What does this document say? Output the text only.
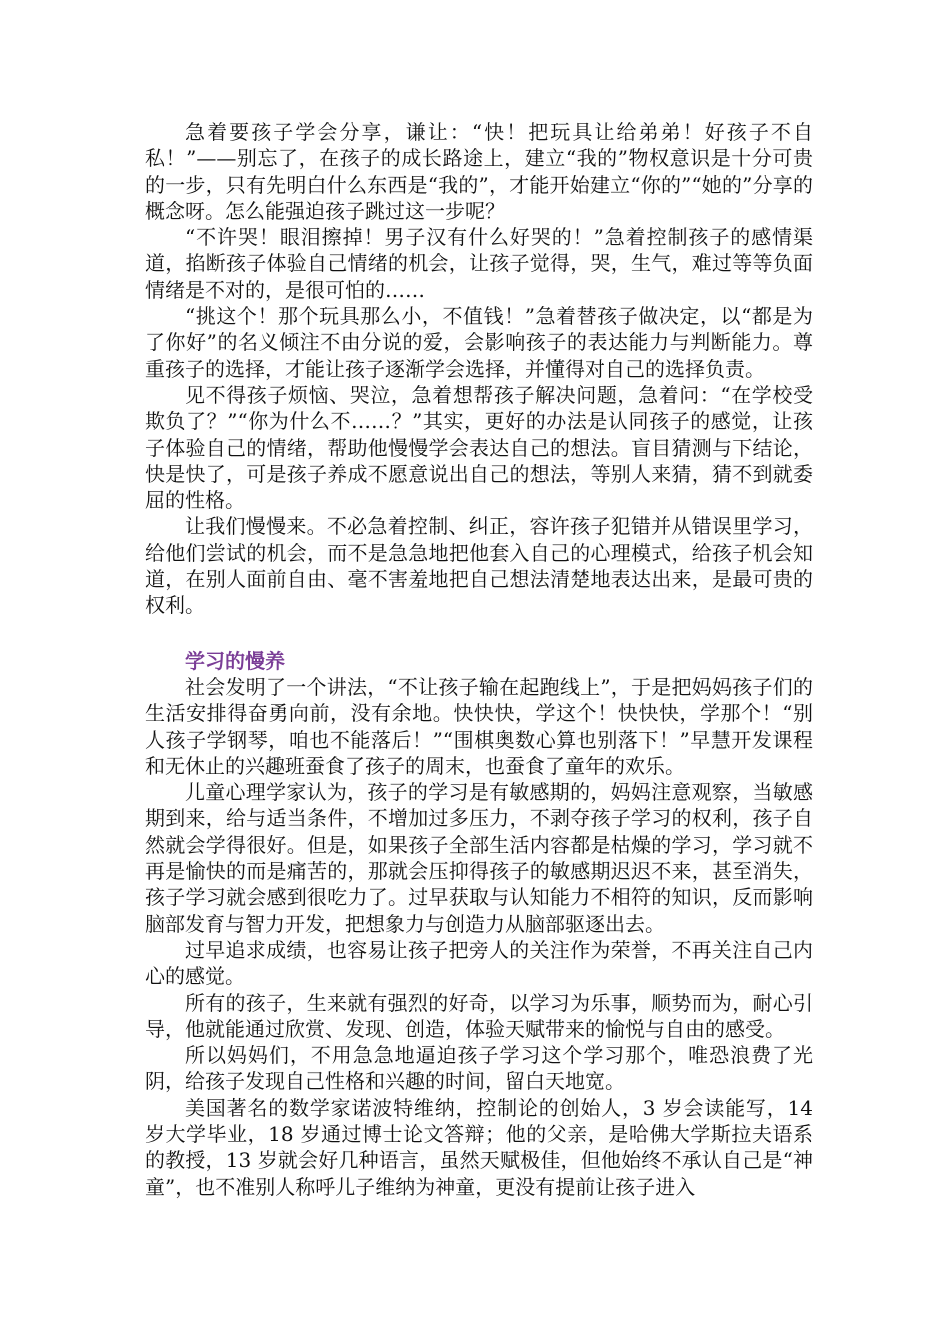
急着要孩子学会分享，谦让：“快！把玩具让给弟弟！好孩子不自私！”——别忘了，在孩子的成长路途上，建立“我的”物权意识是十分可贵的一步，只有先明白什么东西是“我的”，才能开始建立“你的”“她的”分享的概念呀。怎么能强迫孩子跳过这一步呢？

“不许哭！眼泪擦掉！男子汉有什么好哭的！”急着控制孩子的感情渠道，掐断孩子体验自己情绪的机会，让孩子觉得，哭，生气，难过等等负面情绪是不对的，是很可怕的……

“挑这个！那个玩具那么小，不值钱！”急着替孩子做决定，以“都是为了你好”的名义倾注不由分说的爱，会影响孩子的表达能力与判断能力。尊重孩子的选择，才能让孩子逐渐学会选择，并懂得对自己的选择负责。

见不得孩子烦恼、哭泣，急着想帮孩子解决问题，急着问：“在学校受欺负了？”“你为什么不……？”其实，更好的办法是认同孩子的感觉，让孩子体验自己的情绪，帮助他慢慢学会表达自己的想法。盲目猜测与下结论，快是快了，可是孩子养成不愿意说出自己的想法，等别人来猜，猜不到就委屈的性格。

让我们慢慢来。不必急着控制、纠正，容许孩子犯错并从错误里学习，给他们尝试的机会，而不是急急地把他套入自己的心理模式，给孩子机会知道，在别人面前自由、毫不害羞地把自己想法清楚地表达出来，是最可贵的权利。

学习的慢养

社会发明了一个讲法，“不让孩子输在起跑线上”，于是把妈妈孩子们的生活安排得奋勇向前，没有余地。快快快，学这个！快快快，学那个！“别人孩子学钢琴，咱也不能落后！”“围棋奥数心算也别落下！”早慧开发课程和无休止的兴趣班蚕食了孩子的周末，也蚕食了童年的欢乐。

儿童心理学家认为，孩子的学习是有敏感期的，妈妈注意观察，当敏感期到来，给与适当条件，不增加过多压力，不剥夺孩子学习的权利，孩子自然就会学得很好。但是，如果孩子全部生活内容都是枯燥的学习，学习就不再是愉快的而是痛苦的，那就会压抑得孩子的敏感期迟迟不来，甚至消失，孩子学习就会感到很吃力了。过早获取与认知能力不相符的知识，反而影响脑部发育与智力开发，把想象力与创造力从脑部驱逐出去。

过早追求成绩，也容易让孩子把旁人的关注作为荣誉，不再关注自己内心的感觉。

所有的孩子，生来就有强烈的好奇，以学习为乐事，顺势而为，耐心引导，他就能通过欣赏、发现、创造，体验天赋带来的愉悦与自由的感受。

所以妈妈们，不用急急地逼迫孩子学习这个学习那个，唯恐浪费了光阴，给孩子发现自己性格和兴趣的时间，留白天地宽。

美国著名的数学家诺波特维纳，控制论的创始人，3 岁会读能写，14 岁大学毕业，18 岁通过博士论文答辩；他的父亲，是哈佛大学斯拉夫语系的教授，13 岁就会好几种语言，虽然天赋极佳，但他始终不承认自己是“神童”，也不准别人称呼儿子维纳为神童，更没有提前让孩子进入
